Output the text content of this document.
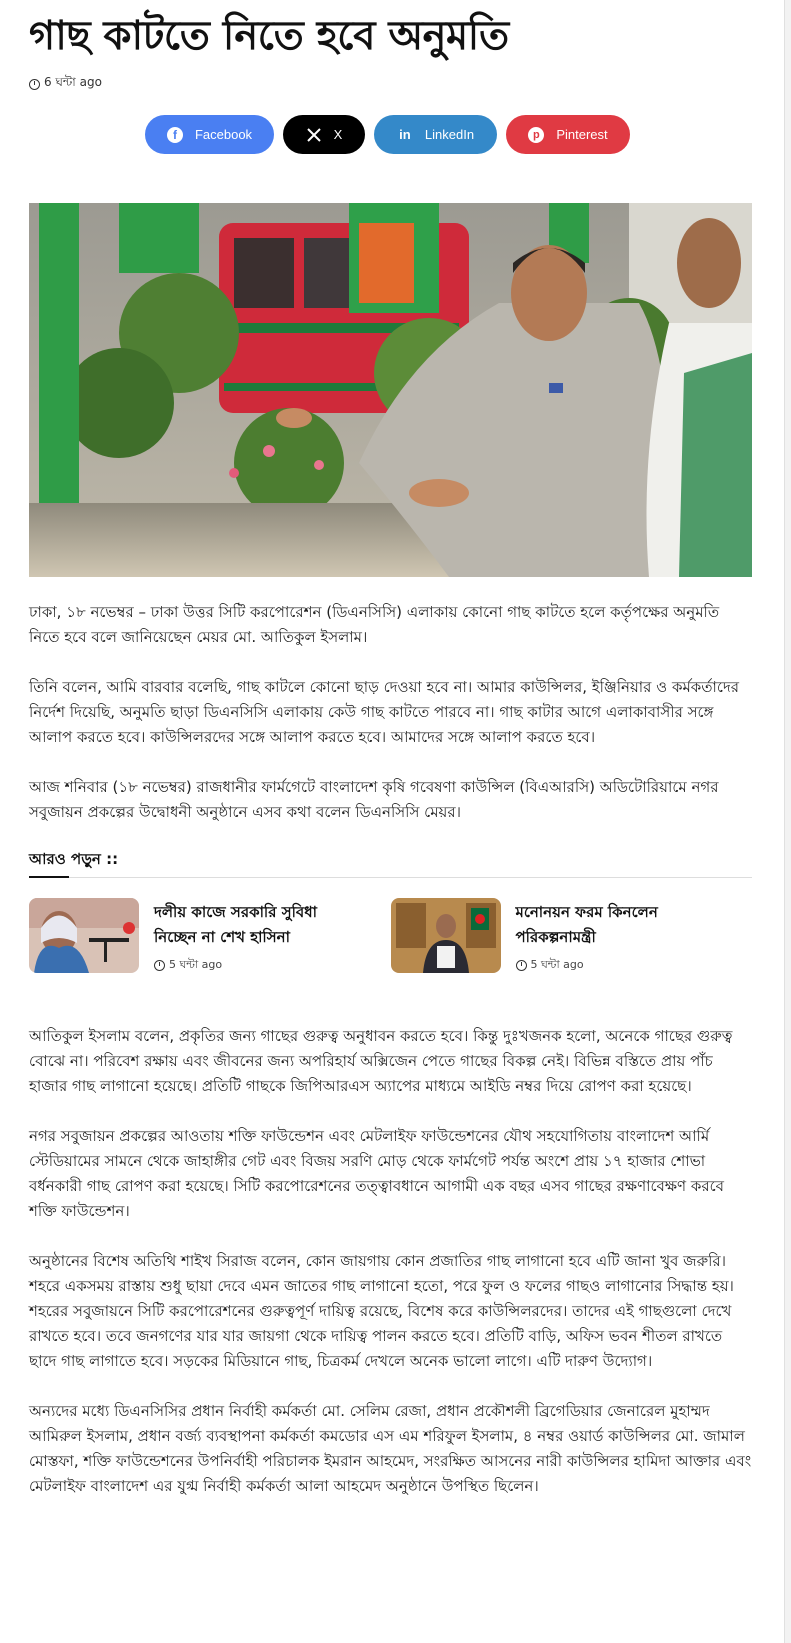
গাছ কাটতে নিতে হবে অনুমতি
6 ঘন্টা ago
f	Facebook	X	in LinkedIn	p	Pinterest

ঢাকা, ১৮ নভেম্বর – ঢাকা উত্তর সিটি করপোরেশন (ডিএনসিসি) এলাকায় কোনো গাছ কাটতে হলে কর্তৃপক্ষের অনুমতি নিতে হবে বলে জানিয়েছেন মেয়র মো. আতিকুল ইসলাম।

তিনি বলেন, আমি বারবার বলেছি, গাছ কাটলে কোনো ছাড় দেওয়া হবে না। আমার কাউন্সিলর, ইঞ্জিনিয়ার ও কর্মকর্তাদের নির্দেশ দিয়েছি, অনুমতি ছাড়া ডিএনসিসি এলাকায় কেউ গাছ কাটতে পারবে না। গাছ কাটার আগে এলাকাবাসীর সঙ্গে আলাপ করতে হবে। কাউন্সিলরদের সঙ্গে আলাপ করতে হবে। আমাদের সঙ্গে আলাপ করতে হবে।

আজ শনিবার (১৮ নভেম্বর) রাজধানীর ফার্মগেটে বাংলাদেশ কৃষি গবেষণা কাউন্সিল (বিএআরসি) অডিটোরিয়ামে নগর সবুজায়ন প্রকল্পের উদ্বোধনী অনুষ্ঠানে এসব কথা বলেন ডিএনসিসি মেয়র।

আরও পড়ুন ::
দলীয় কাজে সরকারি সুবিধা নিচ্ছেন না শেখ হাসিনা
5 ঘন্টা ago
মনোনয়ন ফরম কিনলেন পরিকল্পনামন্ত্রী
5 ঘন্টা ago

আতিকুল ইসলাম বলেন, প্রকৃতির জন্য গাছের গুরুত্ব অনুধাবন করতে হবে। কিন্তু দুঃখজনক হলো, অনেকে গাছের গুরুত্ব বোঝে না। পরিবেশ রক্ষায় এবং জীবনের জন্য অপরিহার্য অক্সিজেন পেতে গাছের বিকল্প নেই। বিভিন্ন বস্তিতে প্রায় পাঁচ হাজার গাছ লাগানো হয়েছে। প্রতিটি গাছকে জিপিআরএস অ্যাপের মাধ্যমে আইডি নম্বর দিয়ে রোপণ করা হয়েছে।

নগর সবুজায়ন প্রকল্পের আওতায় শক্তি ফাউন্ডেশন এবং মেটলাইফ ফাউন্ডেশনের যৌথ সহযোগিতায় বাংলাদেশ আর্মি স্টেডিয়ামের সামনে থেকে জাহাঙ্গীর গেট এবং বিজয় সরণি মোড় থেকে ফার্মগেট পর্যন্ত অংশে প্রায় ১৭ হাজার শোভা বর্ধনকারী গাছ রোপণ করা হয়েছে। সিটি করপোরেশনের তত্ত্বাবধানে আগামী এক বছর এসব গাছের রক্ষণাবেক্ষণ করবে শক্তি ফাউন্ডেশন।

অনুষ্ঠানের বিশেষ অতিথি শাইখ সিরাজ বলেন, কোন জায়গায় কোন প্রজাতির গাছ লাগানো হবে এটি জানা খুব জরুরি। শহরে একসময় রাস্তায় শুধু ছায়া দেবে এমন জাতের গাছ লাগানো হতো, পরে ফুল ও ফলের গাছও লাগানোর সিদ্ধান্ত হয়। শহরের সবুজায়নে সিটি করপোরেশনের গুরুত্বপূর্ণ দায়িত্ব রয়েছে, বিশেষ করে কাউন্সিলরদের। তাদের এই গাছগুলো দেখে রাখতে হবে। তবে জনগণের যার যার জায়গা থেকে দায়িত্ব পালন করতে হবে। প্রতিটি বাড়ি, অফিস ভবন শীতল রাখতে ছাদে গাছ লাগাতে হবে। সড়কের মিডিয়ানে গাছ, চিত্রকর্ম দেখলে অনেক ভালো লাগে। এটি দারুণ উদ্যোগ।

অন্যদের মধ্যে ডিএনসিসির প্রধান নির্বাহী কর্মকর্তা মো. সেলিম রেজা, প্রধান প্রকৌশলী ব্রিগেডিয়ার জেনারেল মুহাম্মদ আমিরুল ইসলাম, প্রধান বর্জ্য ব্যবস্থাপনা কর্মকর্তা কমডোর এস এম শরিফুল ইসলাম, ৪ নম্বর ওয়ার্ড কাউন্সিলর মো. জামাল মোস্তফা, শক্তি ফাউন্ডেশনের উপনির্বাহী পরিচালক ইমরান আহমেদ, সংরক্ষিত আসনের নারী কাউন্সিলর হামিদা আক্তার এবং মেটলাইফ বাংলাদেশ এর যুগ্ম নির্বাহী কর্মকর্তা আলা আহমেদ অনুষ্ঠানে উপস্থিত ছিলেন।
